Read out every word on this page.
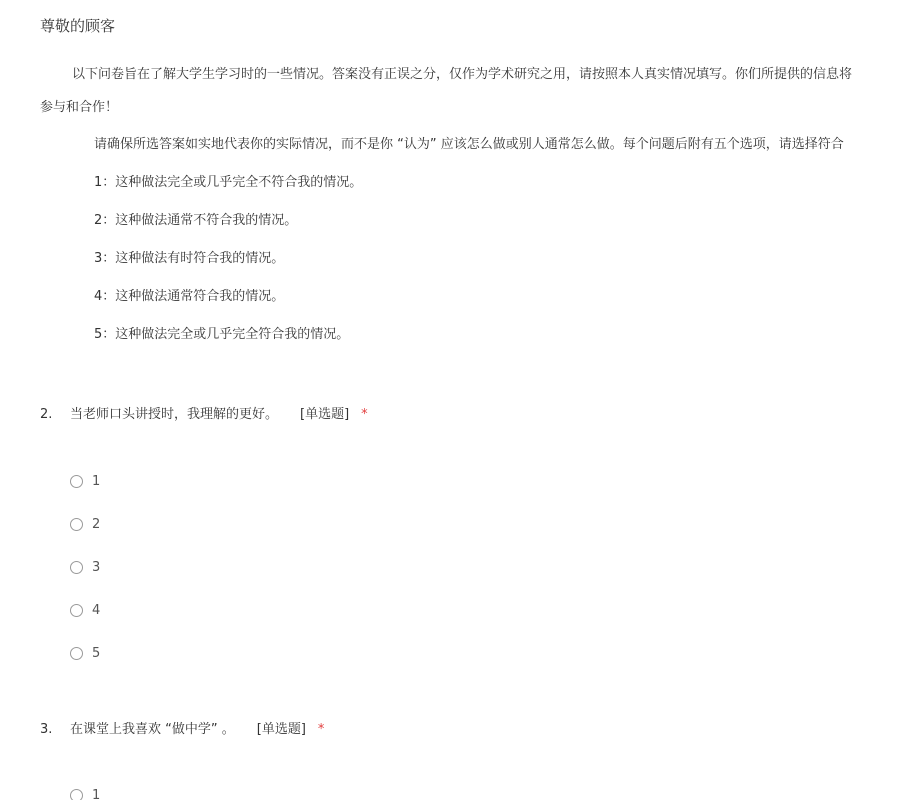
尊敬的顾客
以下问卷旨在了解大学生学习时的一些情况。答案没有正误之分，仅作为学术研究之用，请按照本人真实情况填写。你们所提供的信息将
参与和合作！
请确保所选答案如实地代表你的实际情况，而不是你 “认为” 应该怎么做或别人通常怎么做。每个问题后附有五个选项，请选择符合
1：这种做法完全或几乎完全不符合我的情况。
2：这种做法通常不符合我的情况。
3：这种做法有时符合我的情况。
4：这种做法通常符合我的情况。
5：这种做法完全或几乎完全符合我的情况。
2.	当老师口头讲授时，我理解的更好。 [单选题] *
1
2
3
4
5
3.	在课堂上我喜欢 “做中学” 。 [单选题] *
1
